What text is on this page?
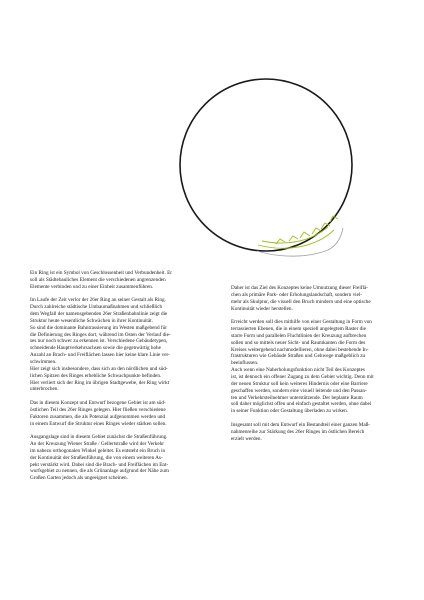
Ein Ring ist ein Symbol von Geschlossenheit und Verbundenheit. Er
soll als Städtebauliches Element die verschiedenen angrenzenden
Elemente verbinden und zu einer Einheit zusammenführen.

Im Laufe der Zeit verlor der 26er Ring an seiner Gestalt als Ring.
Durch zahlreiche städtische Umbaumaßnahmen und schließlich
dem Wegfall der namensgebenden 26er Straßenbahnlinie zeigt die
Struktur heute wesentliche Schwächen in ihrer Kontinuität.
So sind die dominante Bahntrassierung im Westen maßgebend für
die Definierung des Ringes dort, während im Osten der Verlauf die-
ses nur noch schwer zu erkennen ist. Verschiedene Gebäudetypen,
schneidende Hauptverkehrsachsen sowie die gegenwärtig hohe
Anzahl an Brach- und Freiflächen lassen hier keine klare Linie ver-
schwimmen.
Hier zeigt sich insbesondere, dass sich an den nördlichen und süd-
lichen Spitzen des Ringes erhebliche Schwachpunkte befinden.
Hier verliert sich der Ring im übrigen Stadtgewebe, der Ring wirkt
unterbrochen.

Das in diesem Konzept und Entwurf bezogene Gebiet ist am süd-
östlichen Teil des 26er Ringes gelegen. Hier fließen verschiedene
Faktoren zusammen, die als Potenzial aufgenommen werden und
in einem Entwurf die Struktur eines Ringes wieder stärken sollen.

Ausgangslage sind in diesem Gebiet zunächst die Straßenführung.
An der Kreuzung Wiener Straße / Gellertstraße wird der Verkehr
im nahezu orthogonalen Winkel geleitet. Es entsteht ein Bruch in
der Kontinuität der Straßenführung, die von einem weiteren As-
pekt verstärkt wird. Dabei sind die Brach- und Freiflächen im Ent-
wurfsgebiet zu nennen, die als Grünanlage aufgrund der Nähe zum
Großen Garten jedoch als ungeeignet scheinen.

Daher ist das Ziel des Konzeptes keine Umnutzung dieser Freiflä-
chen als primäre Park- oder Erholungslandschaft, sondern viel-
mehr als Skulptur, die visuell den Bruch mindern und eine optische
Kontinuität wieder herstellen.

Erreicht werden soll dies mithilfe von einer Gestaltung in Form von
terrassierten Ebenen, die in einem speziell angelegtem Raster die
starre Form und parallelen Fluchtlinien der Kreuzung aufbrechen
sollen und so mittels neuer Sicht- und Raumkanten die Form des
Kreises weitergehend nachmodellieren, ohne dabei bestehende In-
frastrukturen wie Gebäude Straßen und Gehwege maßgeblich zu
beeinflussen.
Auch wenn eine Naherholungsfunktion nicht Teil des Konzeptes
ist, ist dennoch ein offener Zugang zu dem Gebiet wichtig. Denn mit
der neuen Struktur soll kein weiteres Hindernis oder eine Barriere
geschaffen werden, sondern eine visuell leitende und den Passan-
ten und Verkehrsteilnehmer unterstützende. Der beplante Raum
soll daher möglichst offen und einfach gestaltet werden, ohne dabei
in seiner Funktion oder Gestaltung überladen zu wirken.

Insgesamt soll mit dem Entwurf ein Bestandteil einer ganzen Maß-
nahmenreihe zur Stärkung des 26er Ringes im östlichen Bereich
erzielt werden.
